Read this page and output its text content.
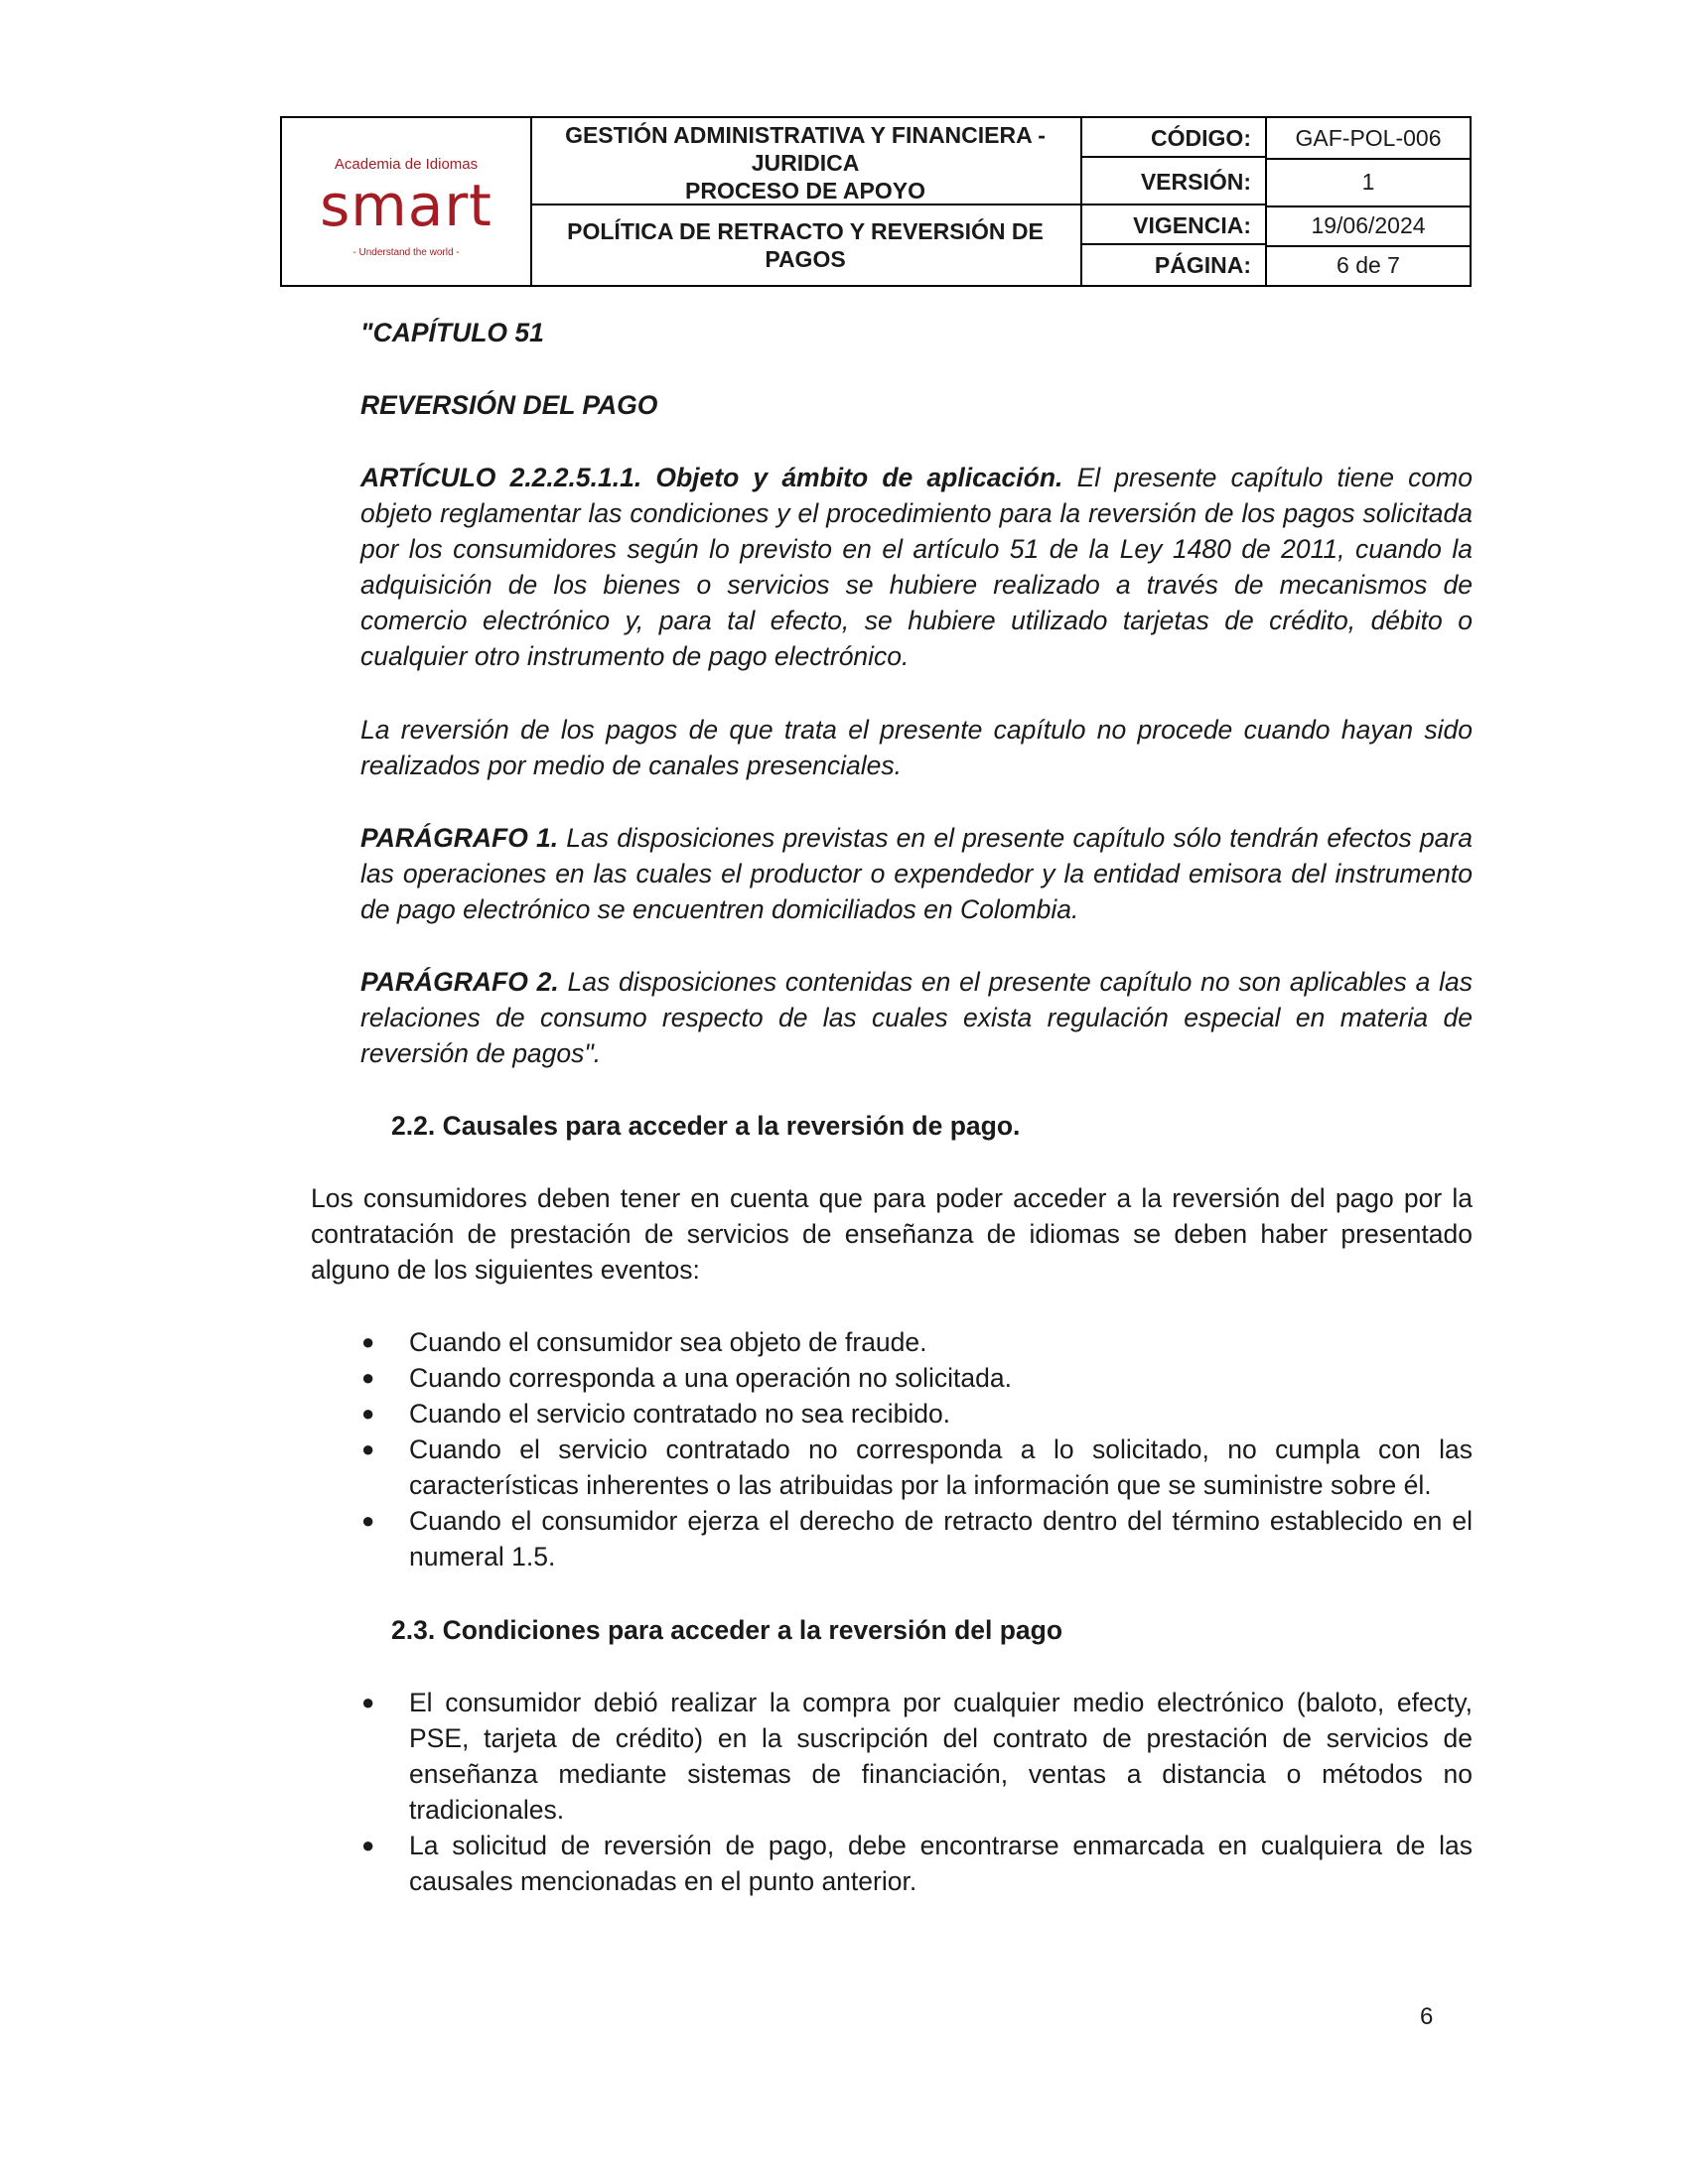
Academia de Idiomas
smart
- Understand the world -
GESTIÓN ADMINISTRATIVA Y FINANCIERA - JURIDICA
PROCESO DE APOYO
POLÍTICA DE RETRACTO Y REVERSIÓN DE PAGOS
CÓDIGO:	GAF-POL-006
VERSIÓN:	1
VIGENCIA:	19/06/2024
PÁGINA:	6 de 7
"CAPÍTULO 51
REVERSIÓN DEL PAGO
ARTÍCULO 2.2.2.5.1.1. Objeto y ámbito de aplicación. El presente capítulo tiene como objeto reglamentar las condiciones y el procedimiento para la reversión de los pagos solicitada por los consumidores según lo previsto en el artículo 51 de la Ley 1480 de 2011, cuando la adquisición de los bienes o servicios se hubiere realizado a través de mecanismos de comercio electrónico y, para tal efecto, se hubiere utilizado tarjetas de crédito, débito o cualquier otro instrumento de pago electrónico.
La reversión de los pagos de que trata el presente capítulo no procede cuando hayan sido realizados por medio de canales presenciales.
PARÁGRAFO 1. Las disposiciones previstas en el presente capítulo sólo tendrán efectos para las operaciones en las cuales el productor o expendedor y la entidad emisora del instrumento de pago electrónico se encuentren domiciliados en Colombia.
PARÁGRAFO 2. Las disposiciones contenidas en el presente capítulo no son aplicables a las relaciones de consumo respecto de las cuales exista regulación especial en materia de reversión de pagos".
2.2. Causales para acceder a la reversión de pago.
Los consumidores deben tener en cuenta que para poder acceder a la reversión del pago por la contratación de prestación de servicios de enseñanza de idiomas se deben haber presentado alguno de los siguientes eventos:
● Cuando el consumidor sea objeto de fraude.
● Cuando corresponda a una operación no solicitada.
● Cuando el servicio contratado no sea recibido.
● Cuando el servicio contratado no corresponda a lo solicitado, no cumpla con las características inherentes o las atribuidas por la información que se suministre sobre él.
● Cuando el consumidor ejerza el derecho de retracto dentro del término establecido en el numeral 1.5.
2.3. Condiciones para acceder a la reversión del pago
● El consumidor debió realizar la compra por cualquier medio electrónico (baloto, efecty, PSE, tarjeta de crédito) en la suscripción del contrato de prestación de servicios de enseñanza mediante sistemas de financiación, ventas a distancia o métodos no tradicionales.
● La solicitud de reversión de pago, debe encontrarse enmarcada en cualquiera de las causales mencionadas en el punto anterior.
6
